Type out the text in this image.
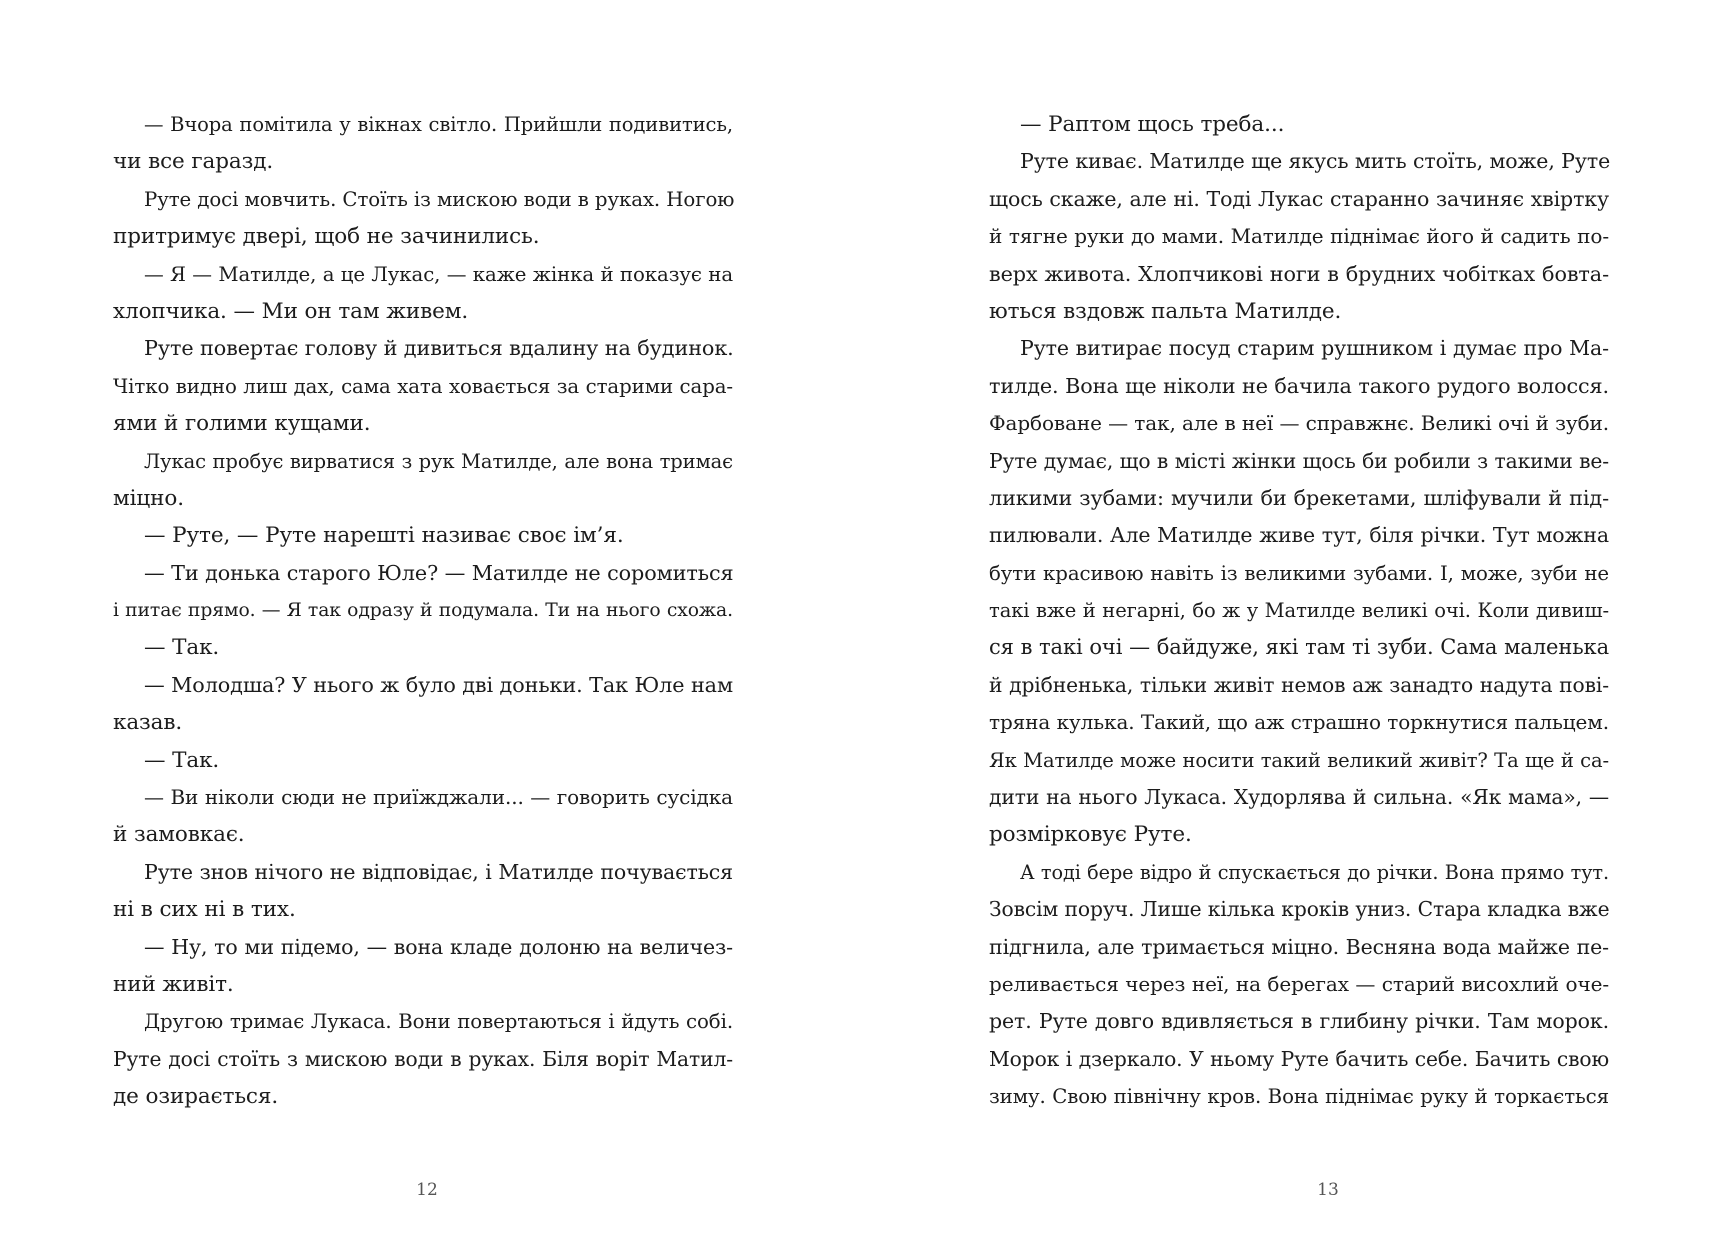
— Вчора помітила у вікнах світло. Прийшли подивитись,
чи все гаразд.
Руте досі мовчить. Стоїть із мискою води в руках. Ногою
притримує двері, щоб не зачинились.
— Я — Матилде, а це Лукас, — каже жінка й показує на
хлопчика. — Ми он там живем.
Руте повертає голову й дивиться вдалину на будинок.
Чітко видно лиш дах, сама хата ховається за старими сара-
ями й голими кущами.
Лукас пробує вирватися з рук Матилде, але вона тримає
міцно.
— Руте, — Руте нарешті називає своє ім’я.
— Ти донька старого Юле? — Матилде не соромиться
і питає прямо. — Я так одразу й подумала. Ти на нього схожа.
— Так.
— Молодша? У нього ж було дві доньки. Так Юле нам
казав.
— Так.
— Ви ніколи сюди не приїжджали... — говорить сусідка
й замовкає.
Руте знов нічого не відповідає, і Матилде почувається
ні в сих ні в тих.
— Ну, то ми підемо, — вона кладе долоню на величез-
ний живіт.
Другою тримає Лукаса. Вони повертаються і йдуть собі.
Руте досі стоїть з мискою води в руках. Біля воріт Матил-
де озирається.
12
— Раптом щось треба...
Руте киває. Матилде ще якусь мить стоїть, може, Руте
щось скаже, але ні. Тоді Лукас старанно зачиняє хвіртку
й тягне руки до мами. Матилде піднімає його й садить по-
верх живота. Хлопчикові ноги в брудних чобітках бовта-
ються вздовж пальта Матилде.
Руте витирає посуд старим рушником і думає про Ма-
тилде. Вона ще ніколи не бачила такого рудого волосся.
Фарбоване — так, але в неї — справжнє. Великі очі й зуби.
Руте думає, що в місті жінки щось би робили з такими ве-
ликими зубами: мучили би брекетами, шліфували й під-
пилювали. Але Матилде живе тут, біля річки. Тут можна
бути красивою навіть із великими зубами. І, може, зуби не
такі вже й негарні, бо ж у Матилде великі очі. Коли дивиш-
ся в такі очі — байдуже, які там ті зуби. Сама маленька
й дрібненька, тільки живіт немов аж занадто надута пові-
тряна кулька. Такий, що аж страшно торкнутися пальцем.
Як Матилде може носити такий великий живіт? Та ще й са-
дити на нього Лукаса. Худорлява й сильна. «Як мама», —
розмірковує Руте.
А тоді бере відро й спускається до річки. Вона прямо тут.
Зовсім поруч. Лише кілька кроків униз. Стара кладка вже
підгнила, але тримається міцно. Весняна вода майже пе-
реливається через неї, на берегах — старий висохлий оче-
рет. Руте довго вдивляється в глибину річки. Там морок.
Морок і дзеркало. У ньому Руте бачить себе. Бачить свою
зиму. Свою північну кров. Вона піднімає руку й торкається
13
